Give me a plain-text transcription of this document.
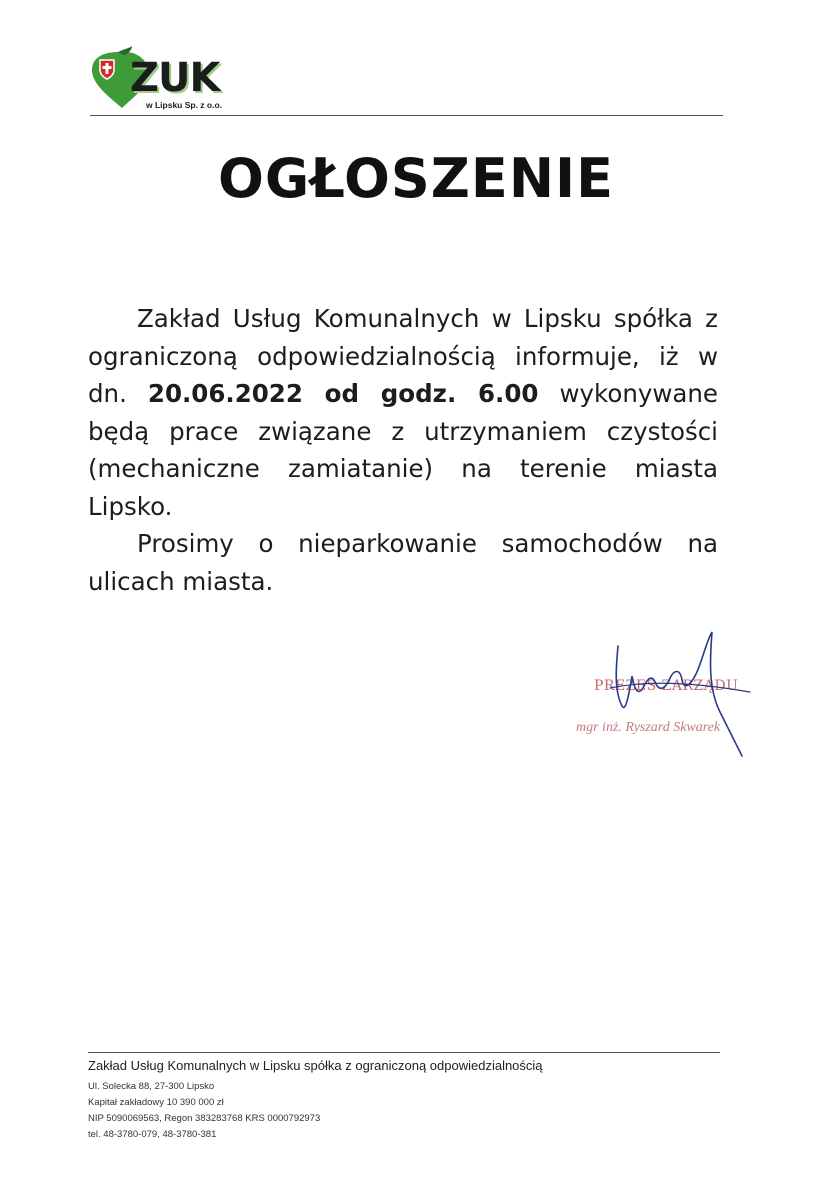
ZUK
w Lipsku Sp. z o.o.
OGŁOSZENIE

Zakład Usług Komunalnych w Lipsku spółka z ograniczoną odpowiedzialnością informuje, iż w dn. 20.06.2022 od godz. 6.00 wykonywane będą prace związane z utrzymaniem czystości (mechaniczne zamiatanie) na terenie miasta Lipsko.

Prosimy o nieparkowanie samochodów na ulicach miasta.

PREZES ZARZĄDU
mgr inż. Ryszard Skwarek
Zakład Usług Komunalnych w Lipsku spółka z ograniczoną odpowiedzialnością
Ul. Solecka 88, 27-300 Lipsko
Kapitał zakładowy 10 390 000 zł
NIP 5090069563, Regon 383283768 KRS 0000792973
tel. 48-3780-079, 48-3780-381
